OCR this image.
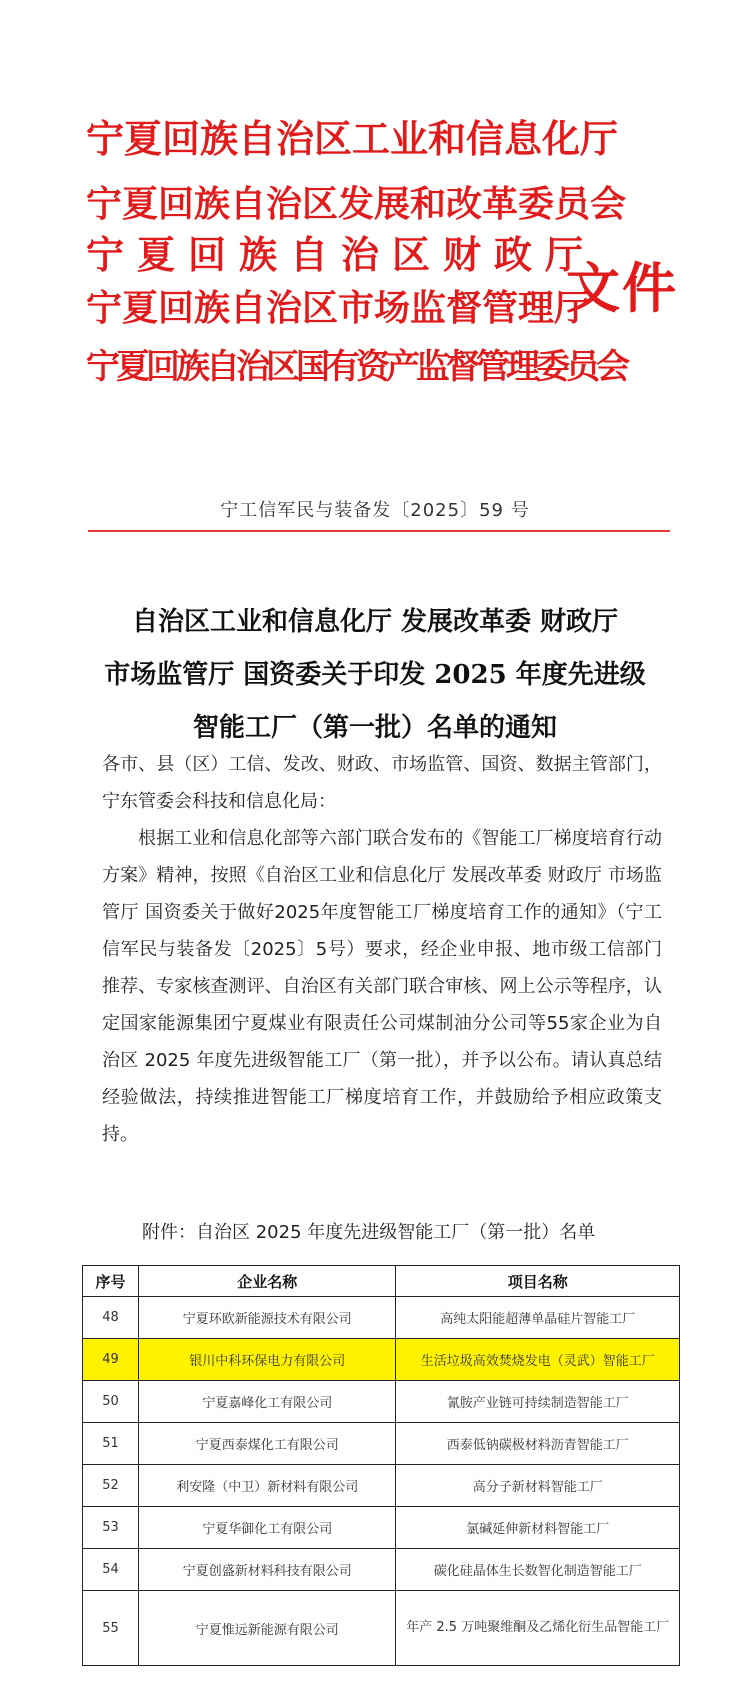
宁夏回族自治区工业和信息化厅
宁夏回族自治区发展和改革委员会
宁夏回族自治区财政厅
宁夏回族自治区市场监督管理厅
宁夏回族自治区国有资产监督管理委员会
文件
宁工信军民与装备发〔2025〕59 号
自治区工业和信息化厅 发展改革委 财政厅
市场监管厅 国资委关于印发 2025 年度先进级
智能工厂（第一批）名单的通知

各市、县（区）工信、发改、财政、市场监管、国资、数据主管部门，宁东管委会科技和信息化局：

根据工业和信息化部等六部门联合发布的《智能工厂梯度培育行动方案》精神，按照《自治区工业和信息化厅 发展改革委 财政厅 市场监管厅 国资委关于做好2025年度智能工厂梯度培育工作的通知》（宁工信军民与装备发〔2025〕5号）要求，经企业申报、地市级工信部门推荐、专家核查测评、自治区有关部门联合审核、网上公示等程序，认定国家能源集团宁夏煤业有限责任公司煤制油分公司等55家企业为自治区 2025 年度先进级智能工厂（第一批），并予以公布。请认真总结经验做法，持续推进智能工厂梯度培育工作，并鼓励给予相应政策支持。

附件：自治区 2025 年度先进级智能工厂（第一批）名单
序号	企业名称	项目名称
48	宁夏环欧新能源技术有限公司	高纯太阳能超薄单晶硅片智能工厂
49	银川中科环保电力有限公司	生活垃圾高效焚烧发电（灵武）智能工厂
50	宁夏嘉峰化工有限公司	氰胺产业链可持续制造智能工厂
51	宁夏西泰煤化工有限公司	西泰低钠碳极材料沥青智能工厂
52	利安隆（中卫）新材料有限公司	高分子新材料智能工厂
53	宁夏华御化工有限公司	氯碱延伸新材料智能工厂
54	宁夏创盛新材料科技有限公司	碳化硅晶体生长数智化制造智能工厂
55	宁夏惟远新能源有限公司	年产 2.5 万吨聚维酮及乙烯化衍生品智能工厂
